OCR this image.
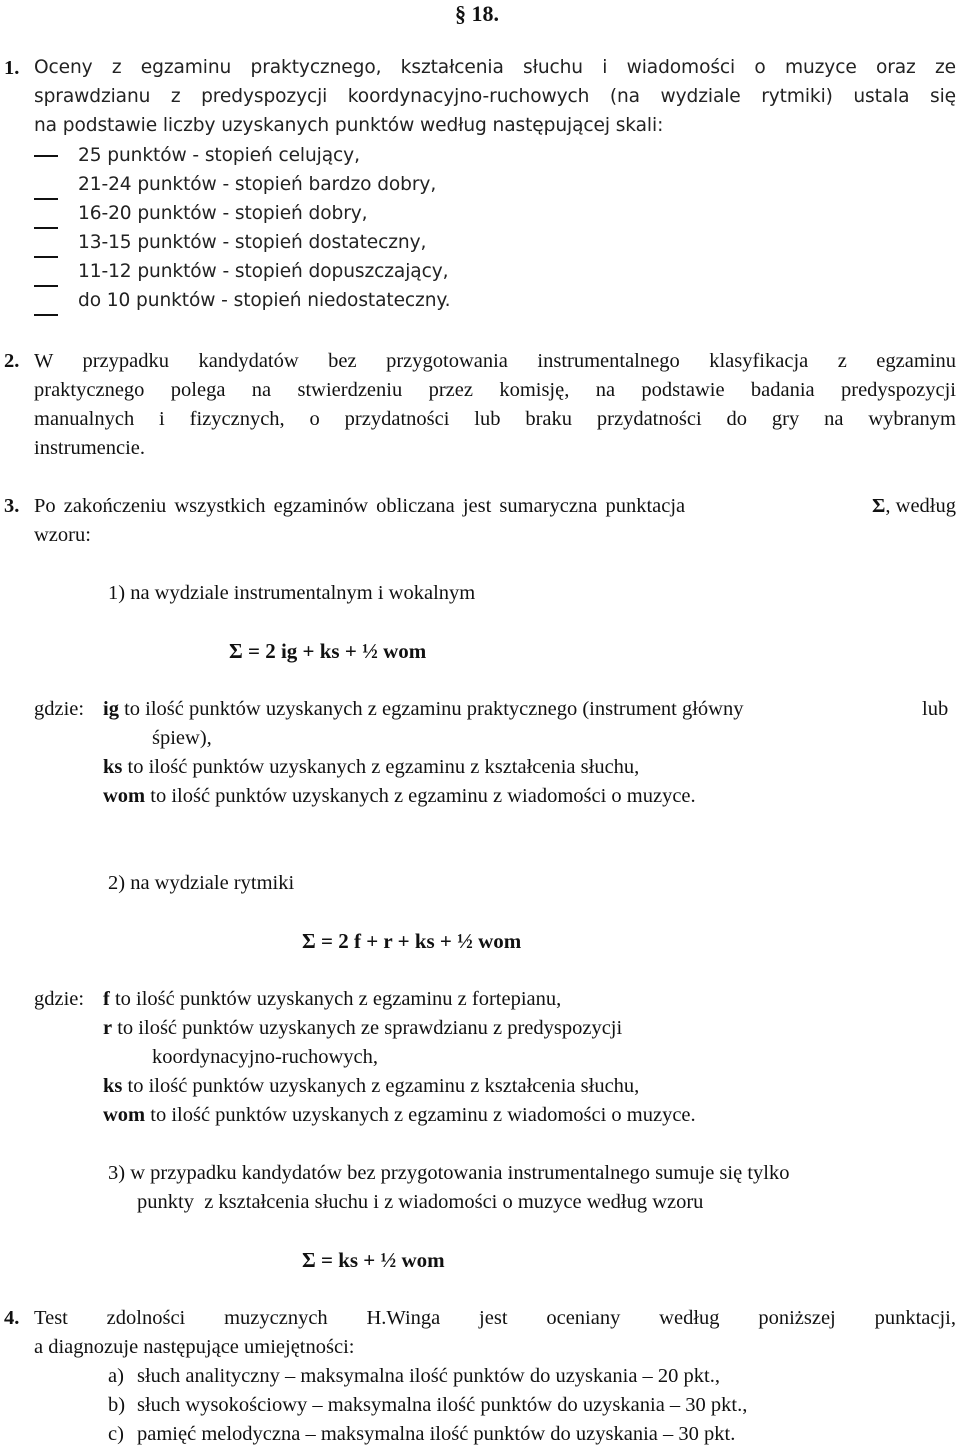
§ 18.
1. Oceny z egzaminu praktycznego, kształcenia słuchu i wiadomości o muzyce oraz ze
sprawdzianu z predyspozycji koordynacyjno-ruchowych (na wydziale rytmiki) ustala się
na podstawie liczby uzyskanych punktów według następującej skali:
25 punktów - stopień celujący,
21-24 punktów - stopień bardzo dobry,
16-20 punktów - stopień dobry,
13-15 punktów - stopień dostateczny,
11-12 punktów - stopień dopuszczający,
do 10 punktów - stopień niedostateczny.
2. W przypadku kandydatów bez przygotowania instrumentalnego klasyfikacja z egzaminu
praktycznego polega na stwierdzeniu przez komisję, na podstawie badania predyspozycji
manualnych i fizycznych, o przydatności lub braku przydatności do gry na wybranym
instrumencie.
3. Po zakończeniu wszystkich egzaminów obliczana jest sumaryczna punktacja	Σ, według
wzoru:
1) na wydziale instrumentalnym i wokalnym
Σ = 2 ig + ks + ½ wom
gdzie: ig to ilość punktów uzyskanych z egzaminu praktycznego (instrument główny	lub
śpiew),
ks to ilość punktów uzyskanych z egzaminu z kształcenia słuchu,
wom to ilość punktów uzyskanych z egzaminu z wiadomości o muzyce.
2) na wydziale rytmiki
Σ = 2 f + r + ks + ½ wom
gdzie: f to ilość punktów uzyskanych z egzaminu z fortepianu,
r to ilość punktów uzyskanych ze sprawdzianu z predyspozycji
koordynacyjno-ruchowych,
ks to ilość punktów uzyskanych z egzaminu z kształcenia słuchu,
wom to ilość punktów uzyskanych z egzaminu z wiadomości o muzyce.
3) w przypadku kandydatów bez przygotowania instrumentalnego sumuje się tylko
punkty  z kształcenia słuchu i z wiadomości o muzyce według wzoru
Σ = ks + ½ wom
4. Test zdolności muzycznych H.Winga jest oceniany według poniższej punktacji,
a diagnozuje następujące umiejętności:
a) słuch analityczny – maksymalna ilość punktów do uzyskania – 20 pkt.,
b) słuch wysokościowy – maksymalna ilość punktów do uzyskania – 30 pkt.,
c) pamięć melodyczna – maksymalna ilość punktów do uzyskania – 30 pkt.
